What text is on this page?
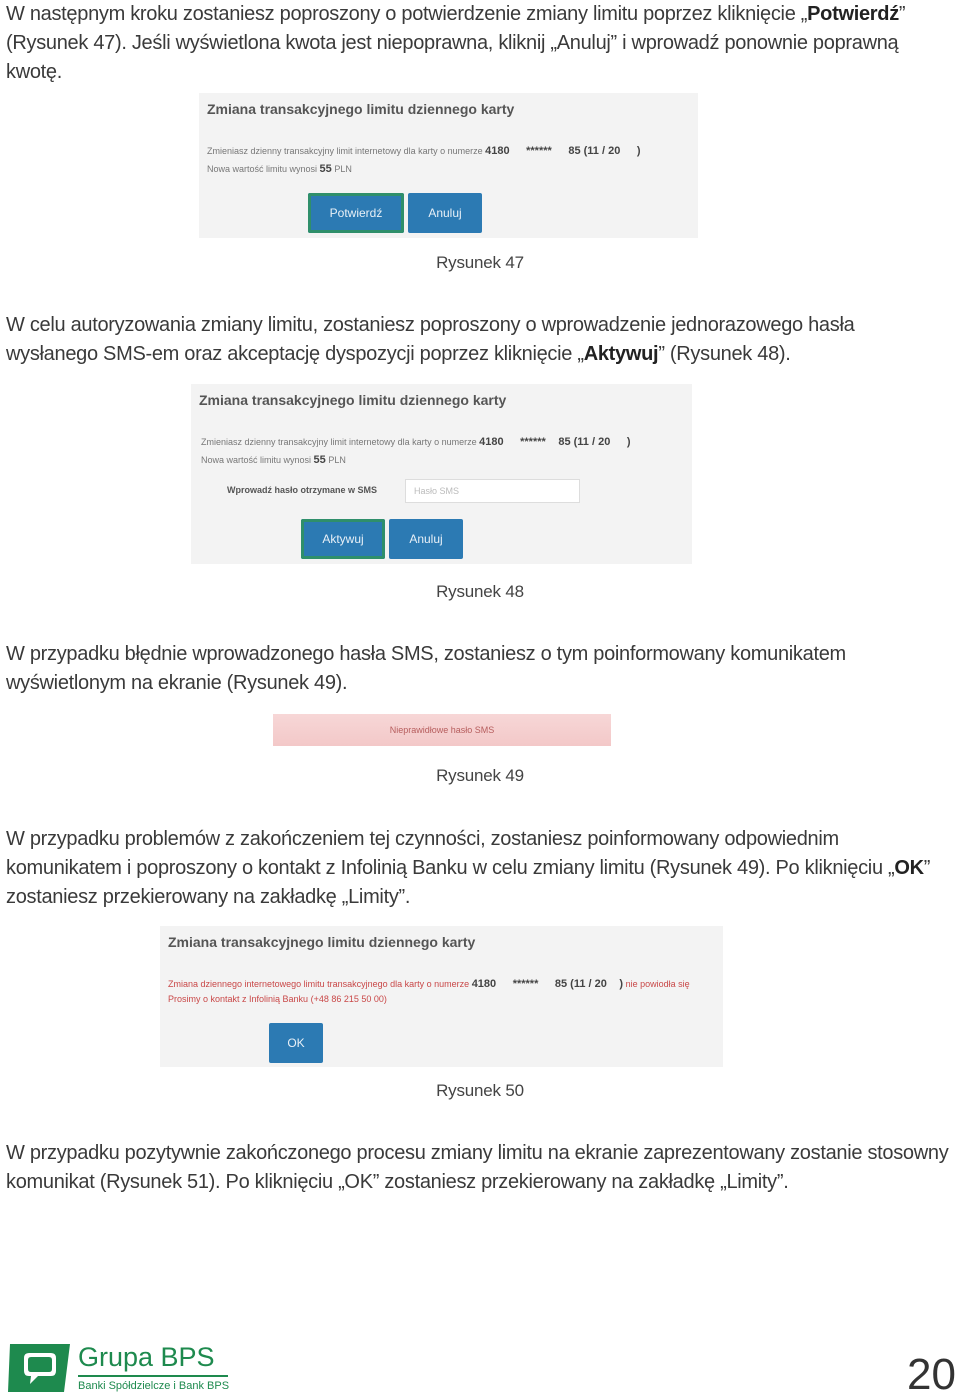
W następnym kroku zostaniesz poproszony o potwierdzenie zmiany limitu poprzez kliknięcie „Potwierdź” (Rysunek 47). Jeśli wyświetlona kwota jest niepoprawna, kliknij „Anuluj” i wprowadź ponownie poprawną kwotę.
Zmiana transakcyjnego limitu dziennego karty
Zmieniasz dzienny transakcyjny limit internetowy dla karty o numerze 4180 ****** 85 (11 / 20 )
Nowa wartość limitu wynosi 55 PLN
Potwierdź	Anuluj
Rysunek 47
W celu autoryzowania zmiany limitu, zostaniesz poproszony o wprowadzenie jednorazowego hasła wysłanego SMS-em oraz akceptację dyspozycji poprzez kliknięcie „Aktywuj” (Rysunek 48).
Zmiana transakcyjnego limitu dziennego karty
Zmieniasz dzienny transakcyjny limit internetowy dla karty o numerze 4180 ****** 85 (11 / 20 )
Nowa wartość limitu wynosi 55 PLN
Wprowadź hasło otrzymane w SMS	Hasło SMS
Aktywuj	Anuluj
Rysunek 48
W przypadku błędnie wprowadzonego hasła SMS, zostaniesz o tym poinformowany komunikatem wyświetlonym na ekranie (Rysunek 49).
Nieprawidłowe hasło SMS
Rysunek 49
W przypadku problemów z zakończeniem tej czynności, zostaniesz poinformowany odpowiednim komunikatem i poproszony o kontakt z Infolinią Banku w celu zmiany limitu (Rysunek 49). Po kliknięciu „OK” zostaniesz przekierowany na zakładkę „Limity”.
Zmiana transakcyjnego limitu dziennego karty
Zmiana dziennego internetowego limitu transakcyjnego dla karty o numerze 4180 ****** 85 (11 / 20 ) nie powiodła się
Prosimy o kontakt z Infolinią Banku (+48 86 215 50 00)
OK
Rysunek 50
W przypadku pozytywnie zakończonego procesu zmiany limitu na ekranie zaprezentowany zostanie stosowny komunikat (Rysunek 51). Po kliknięciu „OK” zostaniesz przekierowany na zakładkę „Limity”.
Grupa BPS
Banki Spółdzielcze i Bank BPS	20
